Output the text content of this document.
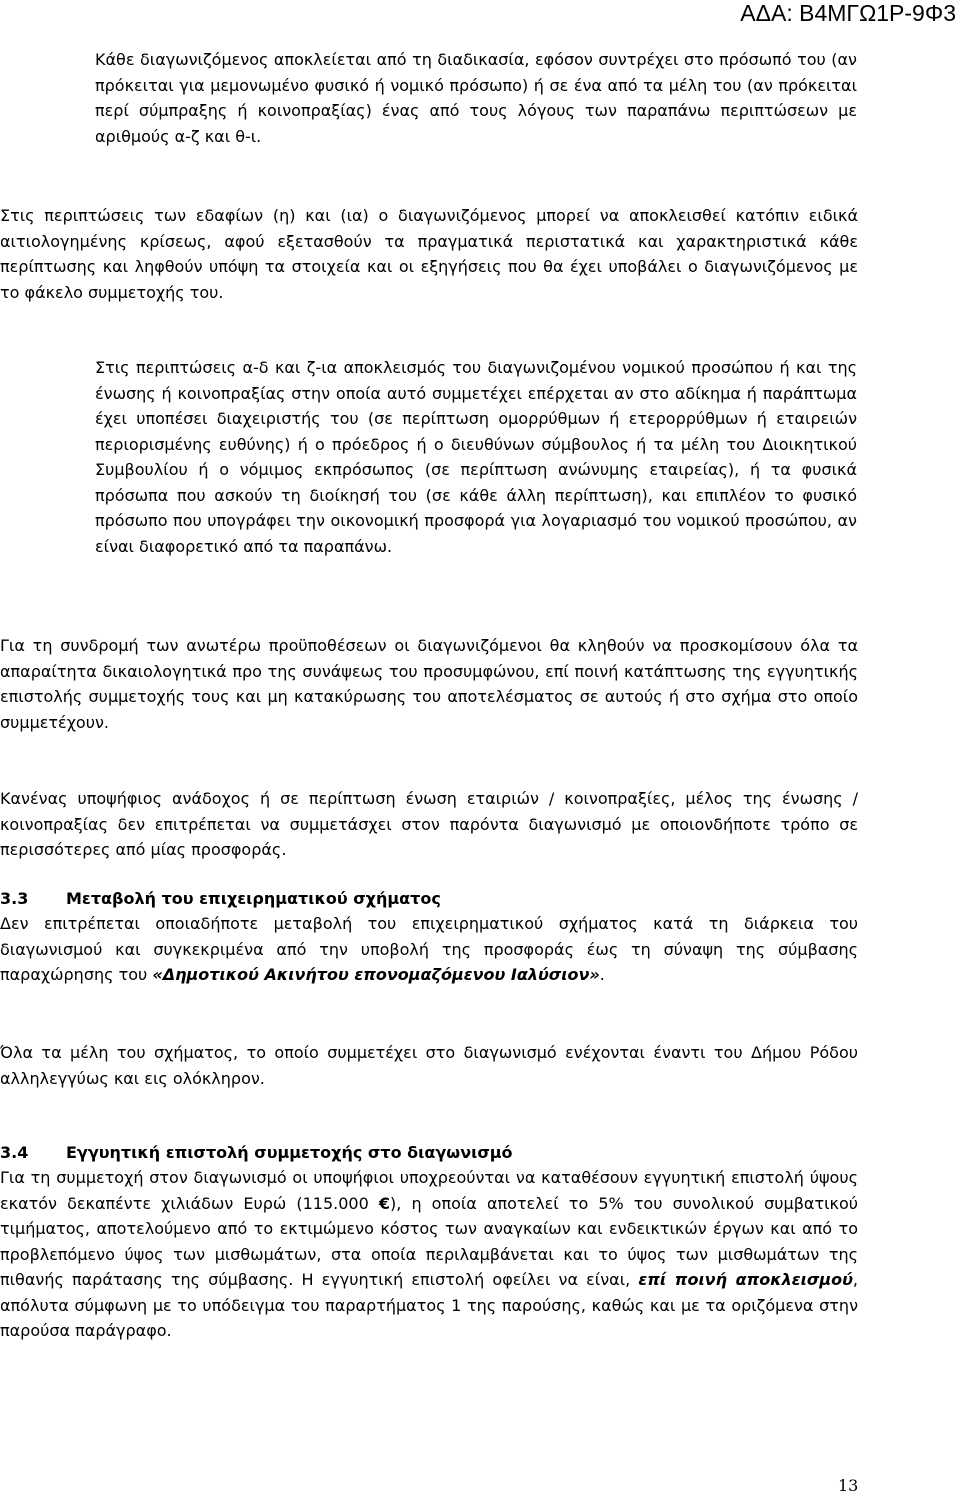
ΑΔΑ: Β4ΜΓΩ1Ρ-9Φ3

Κάθε διαγωνιζόμενος αποκλείεται από τη διαδικασία, εφόσον συντρέχει στο πρόσωπό του (αν πρόκειται για μεμονωμένο φυσικό ή νομικό πρόσωπο) ή σε ένα από τα μέλη του (αν πρόκειται περί σύμπραξης ή κοινοπραξίας) ένας από τους λόγους των παραπάνω περιπτώσεων με αριθμούς α-ζ και θ-ι.

Στις περιπτώσεις των εδαφίων (η) και (ια) ο διαγωνιζόμενος μπορεί να αποκλεισθεί κατόπιν ειδικά αιτιολογημένης κρίσεως, αφού εξετασθούν τα πραγματικά περιστατικά και χαρακτηριστικά κάθε περίπτωσης και ληφθούν υπόψη τα στοιχεία και οι εξηγήσεις που θα έχει υποβάλει ο διαγωνιζόμενος με το φάκελο συμμετοχής του.

Στις περιπτώσεις α-δ και ζ-ια αποκλεισμός του διαγωνιζομένου νομικού προσώπου ή και της ένωσης ή κοινοπραξίας στην οποία αυτό συμμετέχει επέρχεται αν στο αδίκημα ή παράπτωμα έχει υποπέσει διαχειριστής του (σε περίπτωση ομορρύθμων ή ετερορρύθμων ή εταιρειών περιορισμένης ευθύνης) ή ο πρόεδρος ή ο διευθύνων σύμβουλος ή τα μέλη του Διοικητικού Συμβουλίου ή ο νόμιμος εκπρόσωπος (σε περίπτωση ανώνυμης εταιρείας), ή τα φυσικά πρόσωπα που ασκούν τη διοίκησή του (σε κάθε άλλη περίπτωση), και επιπλέον το φυσικό πρόσωπο που υπογράφει την οικονομική προσφορά για λογαριασμό του νομικού προσώπου, αν είναι διαφορετικό από τα παραπάνω.

Για τη συνδρομή των ανωτέρω προϋποθέσεων οι διαγωνιζόμενοι θα κληθούν να προσκομίσουν όλα τα απαραίτητα δικαιολογητικά προ της συνάψεως του προσυμφώνου, επί ποινή κατάπτωσης της εγγυητικής επιστολής συμμετοχής τους και μη κατακύρωσης του αποτελέσματος σε αυτούς ή στο σχήμα στο οποίο συμμετέχουν.

Κανένας υποψήφιος ανάδοχος ή σε περίπτωση ένωση εταιριών / κοινοπραξίες, μέλος της ένωσης / κοινοπραξίας δεν επιτρέπεται να συμμετάσχει στον παρόντα διαγωνισμό με οποιονδήποτε τρόπο σε περισσότερες από μίας προσφοράς.

3.3 Μεταβολή του επιχειρηματικού σχήματος

Δεν επιτρέπεται οποιαδήποτε μεταβολή του επιχειρηματικού σχήματος κατά τη διάρκεια του διαγωνισμού και συγκεκριμένα από την υποβολή της προσφοράς έως τη σύναψη της σύμβασης παραχώρησης του «Δημοτικού Ακινήτου επονομαζόμενου Ιαλύσιον».

Όλα τα μέλη του σχήματος, το οποίο συμμετέχει στο διαγωνισμό ενέχονται έναντι του Δήμου Ρόδου αλληλεγγύως και εις ολόκληρον.

3.4 Εγγυητική επιστολή συμμετοχής στο διαγωνισμό

Για τη συμμετοχή στον διαγωνισμό οι υποψήφιοι υποχρεούνται να καταθέσουν εγγυητική επιστολή ύψους εκατόν δεκαπέντε χιλιάδων Ευρώ (115.000 €), η οποία αποτελεί το 5% του συνολικού συμβατικού τιμήματος, αποτελούμενο από το εκτιμώμενο κόστος των αναγκαίων και ενδεικτικών έργων και από το προβλεπόμενο ύψος των μισθωμάτων, στα οποία περιλαμβάνεται και το ύψος των μισθωμάτων της πιθανής παράτασης της σύμβασης. Η εγγυητική επιστολή οφείλει να είναι, επί ποινή αποκλεισμού, απόλυτα σύμφωνη με το υπόδειγμα του παραρτήματος 1 της παρούσης, καθώς και με τα οριζόμενα στην παρούσα παράγραφο.

13
